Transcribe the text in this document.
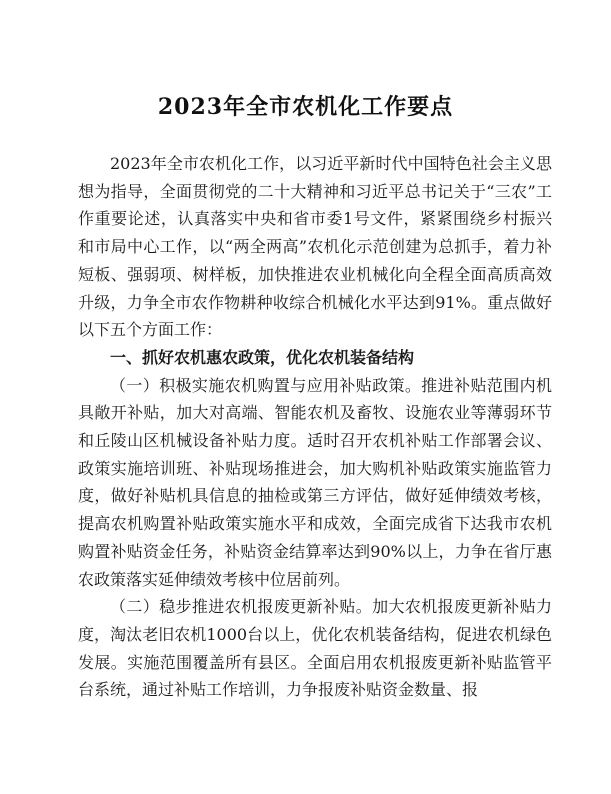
2023年全市农机化工作要点

2023年全市农机化工作，以习近平新时代中国特色社会主义思想为指导，全面贯彻党的二十大精神和习近平总书记关于“三农”工作重要论述，认真落实中央和省市委1号文件，紧紧围绕乡村振兴和市局中心工作，以“两全两高”农机化示范创建为总抓手，着力补短板、强弱项、树样板，加快推进农业机械化向全程全面高质高效升级，力争全市农作物耕种收综合机械化水平达到91%。重点做好以下五个方面工作：

一、抓好农机惠农政策，优化农机装备结构

（一）积极实施农机购置与应用补贴政策。推进补贴范围内机具敞开补贴，加大对高端、智能农机及畜牧、设施农业等薄弱环节和丘陵山区机械设备补贴力度。适时召开农机补贴工作部署会议、政策实施培训班、补贴现场推进会，加大购机补贴政策实施监管力度，做好补贴机具信息的抽检或第三方评估，做好延伸绩效考核，提高农机购置补贴政策实施水平和成效，全面完成省下达我市农机购置补贴资金任务，补贴资金结算率达到90%以上，力争在省厅惠农政策落实延伸绩效考核中位居前列。

（二）稳步推进农机报废更新补贴。加大农机报废更新补贴力度，淘汰老旧农机1000台以上，优化农机装备结构，促进农机绿色发展。实施范围覆盖所有县区。全面启用农机报废更新补贴监管平台系统，通过补贴工作培训，力争报废补贴资金数量、报
